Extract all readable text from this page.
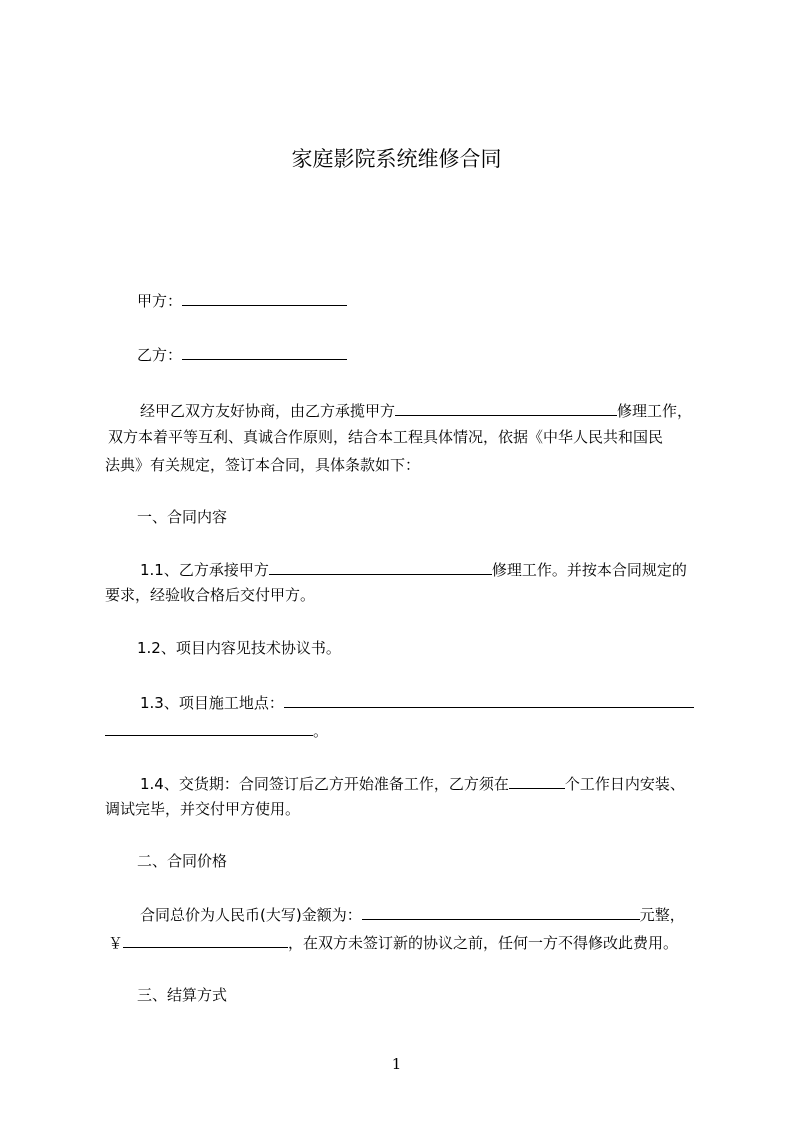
家庭影院系统维修合同
甲方：
乙方：
经甲乙双方友好协商，由乙方承揽甲方	修理工作，
双方本着平等互利、真诚合作原则，结合本工程具体情况，依据《中华人民共和国民
法典》有关规定，签订本合同，具体条款如下：
一、合同内容
1.1、乙方承接甲方	修理工作。并按本合同规定的
要求，经验收合格后交付甲方。
1.2、项目内容见技术协议书。
1.3、项目施工地点：
。
1.4、交货期：合同签订后乙方开始准备工作，乙方须在	个工作日内安装、
调试完毕，并交付甲方使用。
二、合同价格
合同总价为人民币(大写)金额为：	元整，
￥	，在双方未签订新的协议之前，任何一方不得修改此费用。
三、结算方式
1
